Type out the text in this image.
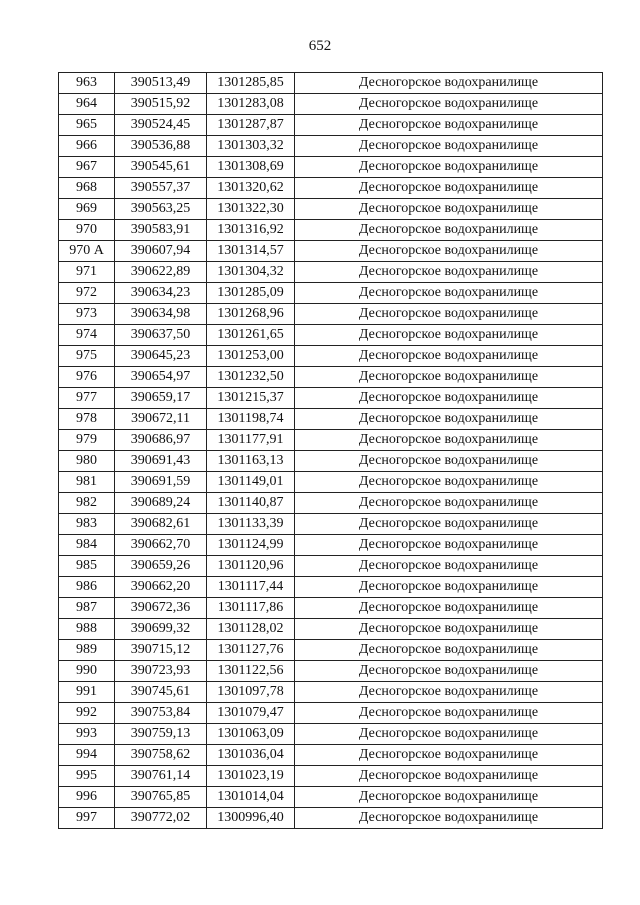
652
963	390513,49	1301285,85	Десногорское водохранилище
964	390515,92	1301283,08	Десногорское водохранилище
965	390524,45	1301287,87	Десногорское водохранилище
966	390536,88	1301303,32	Десногорское водохранилище
967	390545,61	1301308,69	Десногорское водохранилище
968	390557,37	1301320,62	Десногорское водохранилище
969	390563,25	1301322,30	Десногорское водохранилище
970	390583,91	1301316,92	Десногорское водохранилище
970 А	390607,94	1301314,57	Десногорское водохранилище
971	390622,89	1301304,32	Десногорское водохранилище
972	390634,23	1301285,09	Десногорское водохранилище
973	390634,98	1301268,96	Десногорское водохранилище
974	390637,50	1301261,65	Десногорское водохранилище
975	390645,23	1301253,00	Десногорское водохранилище
976	390654,97	1301232,50	Десногорское водохранилище
977	390659,17	1301215,37	Десногорское водохранилище
978	390672,11	1301198,74	Десногорское водохранилище
979	390686,97	1301177,91	Десногорское водохранилище
980	390691,43	1301163,13	Десногорское водохранилище
981	390691,59	1301149,01	Десногорское водохранилище
982	390689,24	1301140,87	Десногорское водохранилище
983	390682,61	1301133,39	Десногорское водохранилище
984	390662,70	1301124,99	Десногорское водохранилище
985	390659,26	1301120,96	Десногорское водохранилище
986	390662,20	1301117,44	Десногорское водохранилище
987	390672,36	1301117,86	Десногорское водохранилище
988	390699,32	1301128,02	Десногорское водохранилище
989	390715,12	1301127,76	Десногорское водохранилище
990	390723,93	1301122,56	Десногорское водохранилище
991	390745,61	1301097,78	Десногорское водохранилище
992	390753,84	1301079,47	Десногорское водохранилище
993	390759,13	1301063,09	Десногорское водохранилище
994	390758,62	1301036,04	Десногорское водохранилище
995	390761,14	1301023,19	Десногорское водохранилище
996	390765,85	1301014,04	Десногорское водохранилище
997	390772,02	1300996,40	Десногорское водохранилище
